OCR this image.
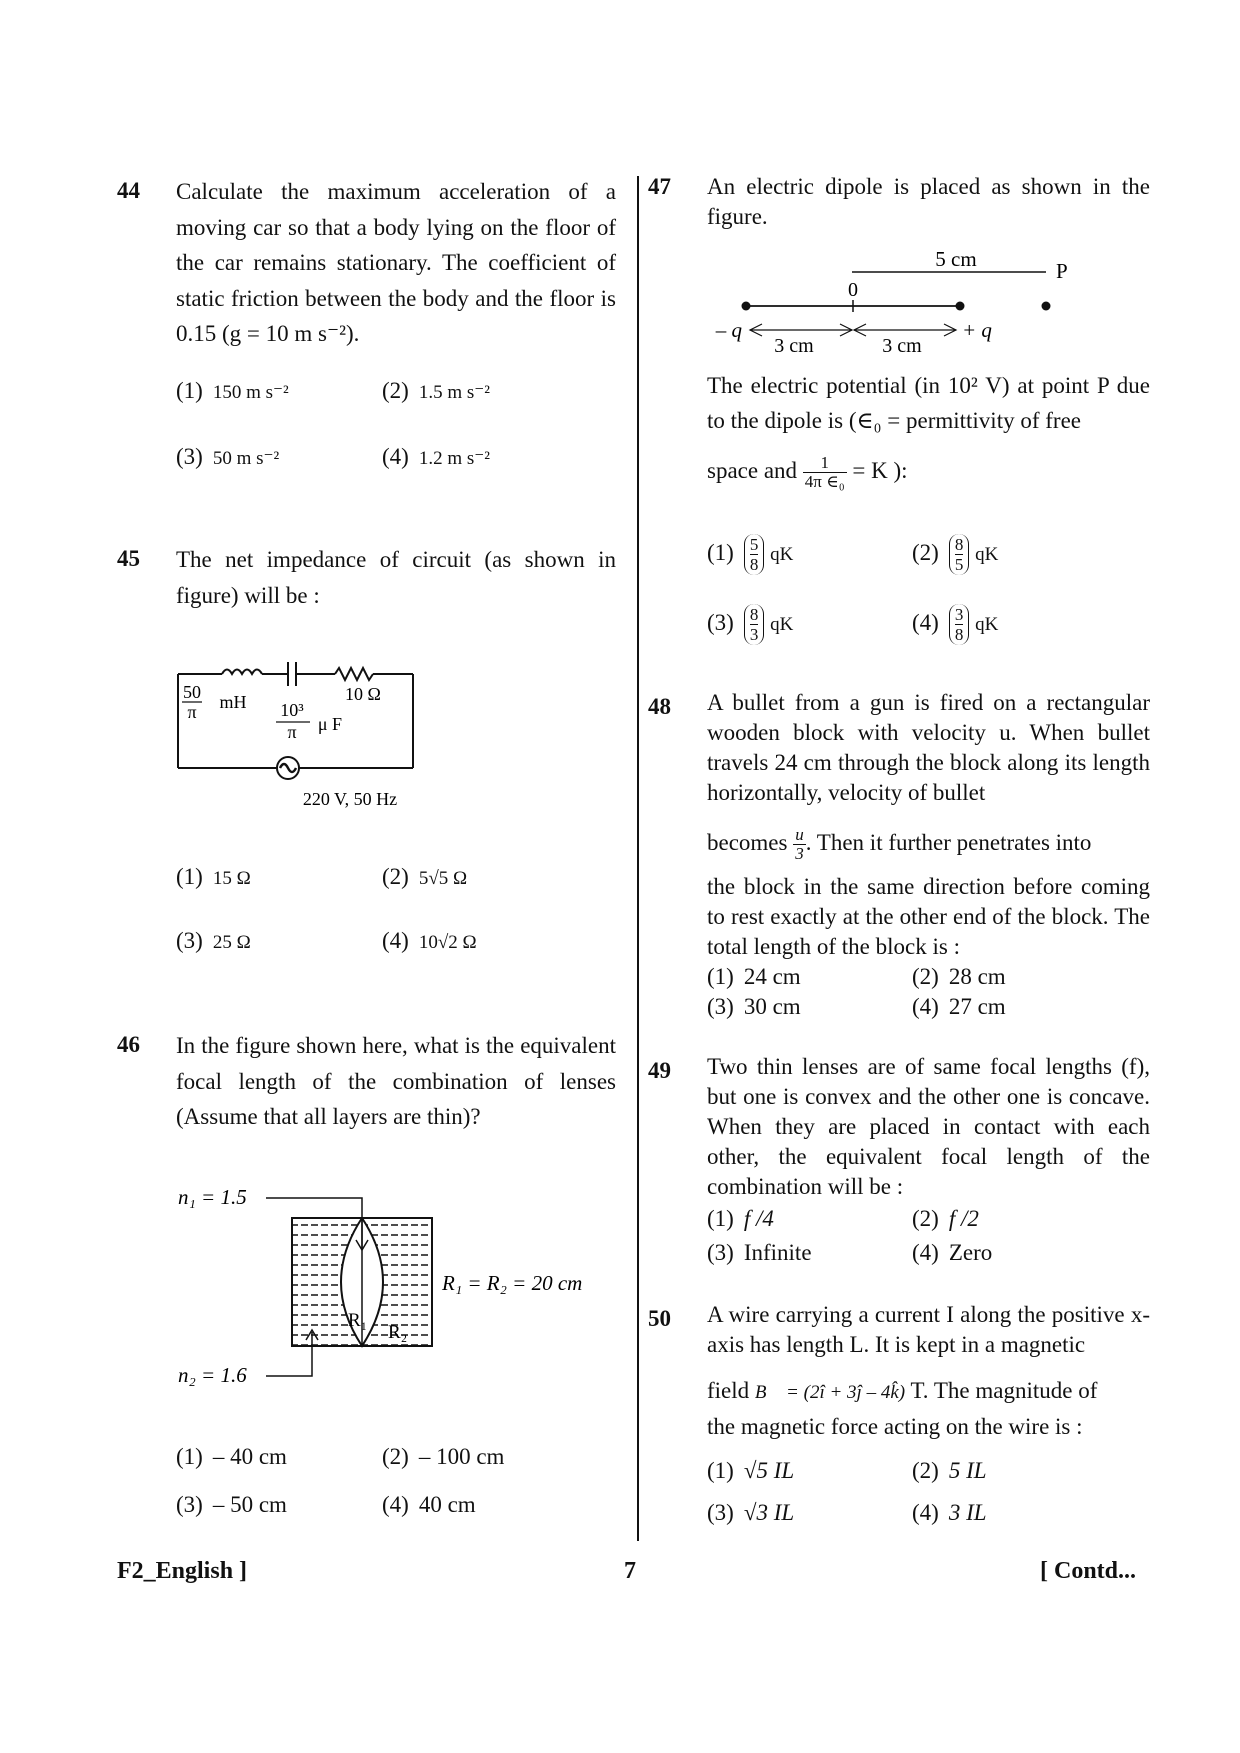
44 Calculate the maximum acceleration of a moving car so that a body lying on the floor of the car remains stationary. The coefficient of static friction between the body and the floor is 0.15 (g = 10 m s⁻²).
(1) 150 m s⁻²	(2) 1.5 m s⁻²
(3) 50 m s⁻²	(4) 1.2 m s⁻²
45 The net impedance of circuit (as shown in figure) will be :
50
π mH 10³
π μ F
10 Ω
220 V, 50 Hz
(1) 15 Ω	(2) 5√5 Ω
(3) 25 Ω	(4) 10√2 Ω
46 In the figure shown here, what is the equivalent focal length of the combination of lenses (Assume that all layers are thin)?
n₁ = 1.5
n₂ = 1.6
R₁ = R₂ = 20 cm
R₁
R₂
(1) – 40 cm	(2) – 100 cm
(3) – 50 cm	(4) 40 cm
47 An electric dipole is placed as shown in the figure.
5 cm	P
0
– q	+ q
3 cm	3 cm
The electric potential (in 10² V) at point P due to the dipole is (∈₀ = permittivity of free
space and $\frac{1}{\text{4π ∈₀}} = K$ ):
$(1) \frac{5}{8}$ qK	$(2) \frac{8}{5}$ qK
$(3) \frac{8}{3}$ qK	$(4) \frac{3}{8}$ qK
48 A bullet from a gun is fired on a rectangular wooden block with velocity u. When bullet travels 24 cm through the block along its length horizontally, velocity of bullet
becomes $\frac{u}{3}$ . Then it further penetrates into
the block in the same direction before coming to rest exactly at the other end of the block. The total length of the block is :
(1) 24 cm	(2) 28 cm
(3) 30 cm	(4) 27 cm
49 Two thin lenses are of same focal lengths (f), but one is convex and the other one is concave. When they are placed in contact with each other, the equivalent focal length of the combination will be :
(1) f /4	(2) f /2
(3) Infinite	(4) Zero
50 A wire carrying a current I along the positive x-axis has length L. It is kept in a magnetic
field B⃗ = (2î + 3ĵ – 4k̂) T. The magnitude of
the magnetic force acting on the wire is :
(1) √5 IL	(2) 5 IL
(3) √3 IL	(4) 3 IL
F2_English ]	7	[ Contd...
